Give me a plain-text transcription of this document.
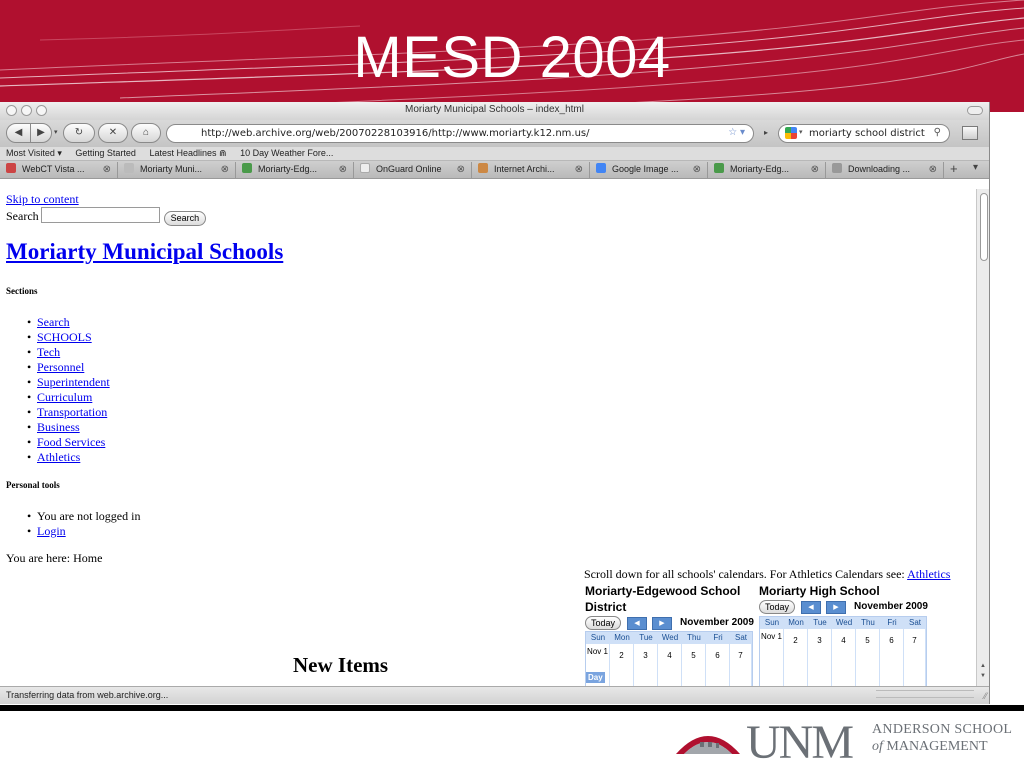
MESD 2004
Moriarty Municipal Schools – index_html
◀	▶	▾	↻	✕	⌂	http://web.archive.org/web/20070228103916/http://www.moriarty.k12.nm.us/	☆ ▾ ▸	▾ moriarty school district ⚲
Most Visited ▾ Getting Started Latest Headlines ⋒ 10 Day Weather Fore...
WebCT Vista ... ⊗	Moriarty Muni... ⊗	Moriarty-Edg... ⊗	OnGuard Online ⊗	Internet Archi... ⊗	Google Image ... ⊗	Moriarty-Edg... ⊗	Downloading ... ⊗ + ▾
Skip to content
Search	Search
Moriarty Municipal Schools
Sections
• Search
• SCHOOLS
• Tech
• Personnel
• Superintendent
• Curriculum
• Transportation
• Business
• Food Services
• Athletics
Personal tools
• You are not logged in
• Login
You are here: Home
Scroll down for all schools' calendars. For Athletics Calendars see: Athletics
Moriarty-Edgewood School
District
Today	◀	▶	November 2009
Sun	Mon	Tue	Wed	Thu	Fri	Sat
Nov 1	2	3	4	5	6	7
Day
Moriarty High School
Today	◀	▶	November 2009
Sun	Mon	Tue	Wed	Thu	Fri	Sat
Nov 1	2	3	4	5	6	7
New Items	▲
▼
Transferring data from web.archive.org...	⁄⁄
UNM ANDERSON SCHOOL
of MANAGEMENT
